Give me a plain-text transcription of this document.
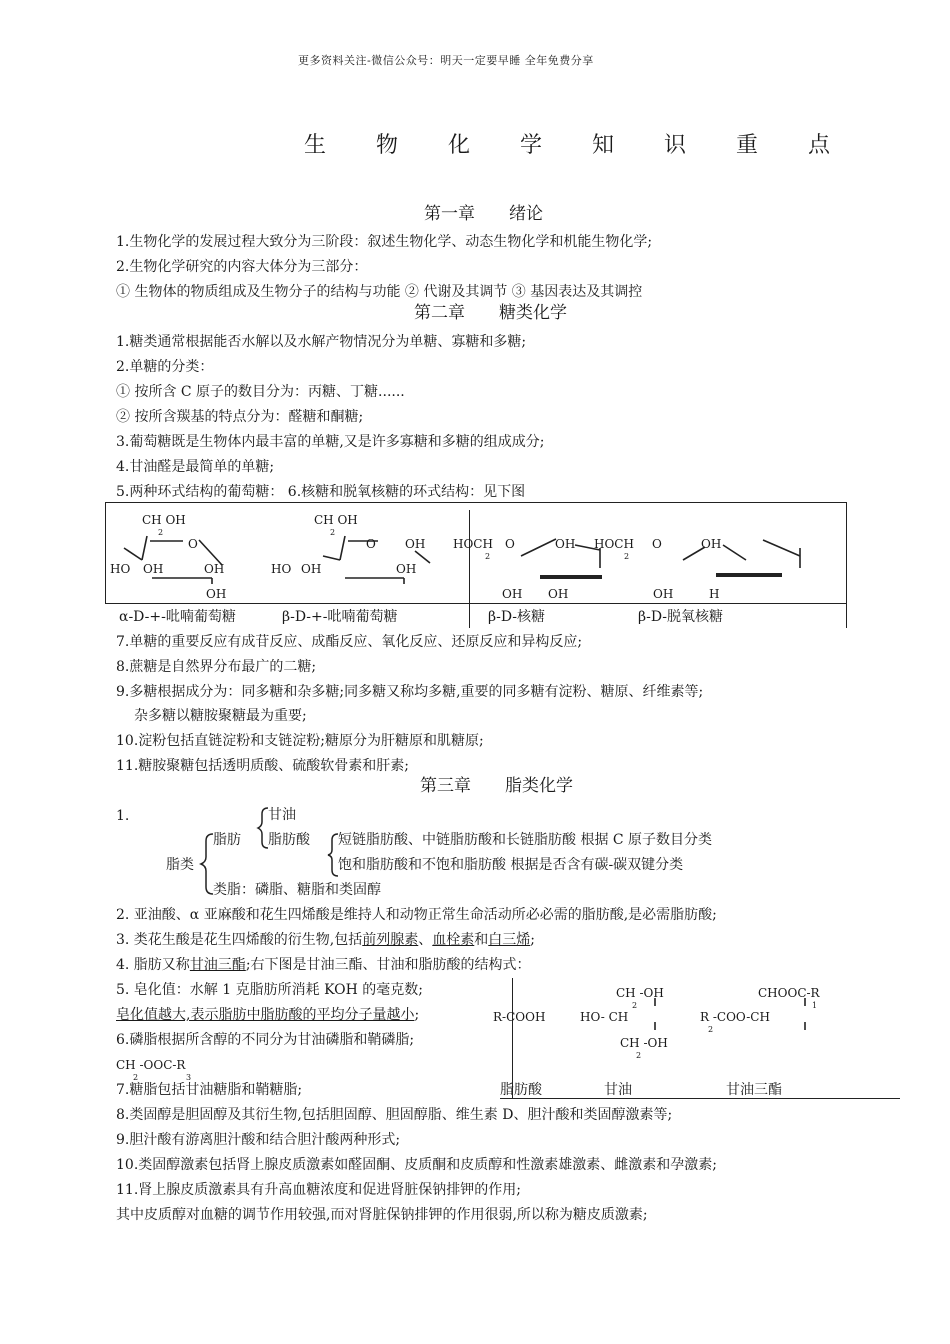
更多资料关注-微信公众号：明天一定要早睡 全年免费分享
生 物 化 学 知 识 重 点
第一章　　绪论
1.生物化学的发展过程大致分为三阶段：叙述生物化学、动态生物化学和机能生物化学;
2.生物化学研究的内容大体分为三部分：
① 生物体的物质组成及生物分子的结构与功能 ② 代谢及其调节 ③ 基因表达及其调控
第二章　　糖类化学
1.糖类通常根据能否水解以及水解产物情况分为单糖、寡糖和多糖;
2.单糖的分类：
① 按所含 C 原子的数目分为：丙糖、丁糖......
② 按所含羰基的特点分为：醛糖和酮糖;
3.葡萄糖既是生物体内最丰富的单糖,又是许多寡糖和多糖的组成成分;
4.甘油醛是最简单的单糖;
5.两种环式结构的葡萄糖： 6.核糖和脱氧核糖的环式结构：见下图
CH OH
2
O
HO OH	OH
OH
CH OH
2
O OH
HO OH	OH
HOCH
2
O	OH
OH OH
HOCH
2
O	OH
OH	H
α-D-+-吡喃葡萄糖	β-D-+-吡喃葡萄糖	β-D-核糖	β-D-脱氧核糖
7.单糖的重要反应有成苷反应、成酯反应、氧化反应、还原反应和异构反应;
8.蔗糖是自然界分布最广的二糖;
9.多糖根据成分为：同多糖和杂多糖;同多糖又称均多糖,重要的同多糖有淀粉、糖原、纤维素等;
杂多糖以糖胺聚糖最为重要;
10.淀粉包括直链淀粉和支链淀粉;糖原分为肝糖原和肌糖原;
11.糖胺聚糖包括透明质酸、硫酸软骨素和肝素;
第三章　　脂类化学
1.	甘油
脂肪 脂肪酸 短链脂肪酸、中链脂肪酸和长链脂肪酸 根据 C 原子数目分类
脂类	饱和脂肪酸和不饱和脂肪酸 根据是否含有碳-碳双键分类
类脂：磷脂、糖脂和类固醇
2. 亚油酸、α 亚麻酸和花生四烯酸是维持人和动物正常生命活动所必必需的脂肪酸,是必需脂肪酸;
3. 类花生酸是花生四烯酸的衍生物,包括前列腺素、血栓素和白三烯;
4. 脂肪又称甘油三酯;右下图是甘油三酯、甘油和脂肪酸的结构式：
5. 皂化值：水解 1 克脂肪所消耗 KOH 的毫克数;
皂化值越大,表示脂肪中脂肪酸的平均分子量越小;
6.磷脂根据所含醇的不同分为甘油磷脂和鞘磷脂;
CH -OOC-R
2	3
7.糖脂包括甘油糖脂和鞘糖脂;
R-COOH
CH -OH
2
HO- CH
CH -OH
2
CHOOC-R
1
R -COO-CH
2
脂肪酸	甘油	甘油三酯
8.类固醇是胆固醇及其衍生物,包括胆固醇、胆固醇脂、维生素 D、胆汁酸和类固醇激素等;
9.胆汁酸有游离胆汁酸和结合胆汁酸两种形式;
10.类固醇激素包括肾上腺皮质激素如醛固酮、皮质酮和皮质醇和性激素雄激素、雌激素和孕激素;
11.肾上腺皮质激素具有升高血糖浓度和促进肾脏保钠排钾的作用;
其中皮质醇对血糖的调节作用较强,而对肾脏保钠排钾的作用很弱,所以称为糖皮质激素;
